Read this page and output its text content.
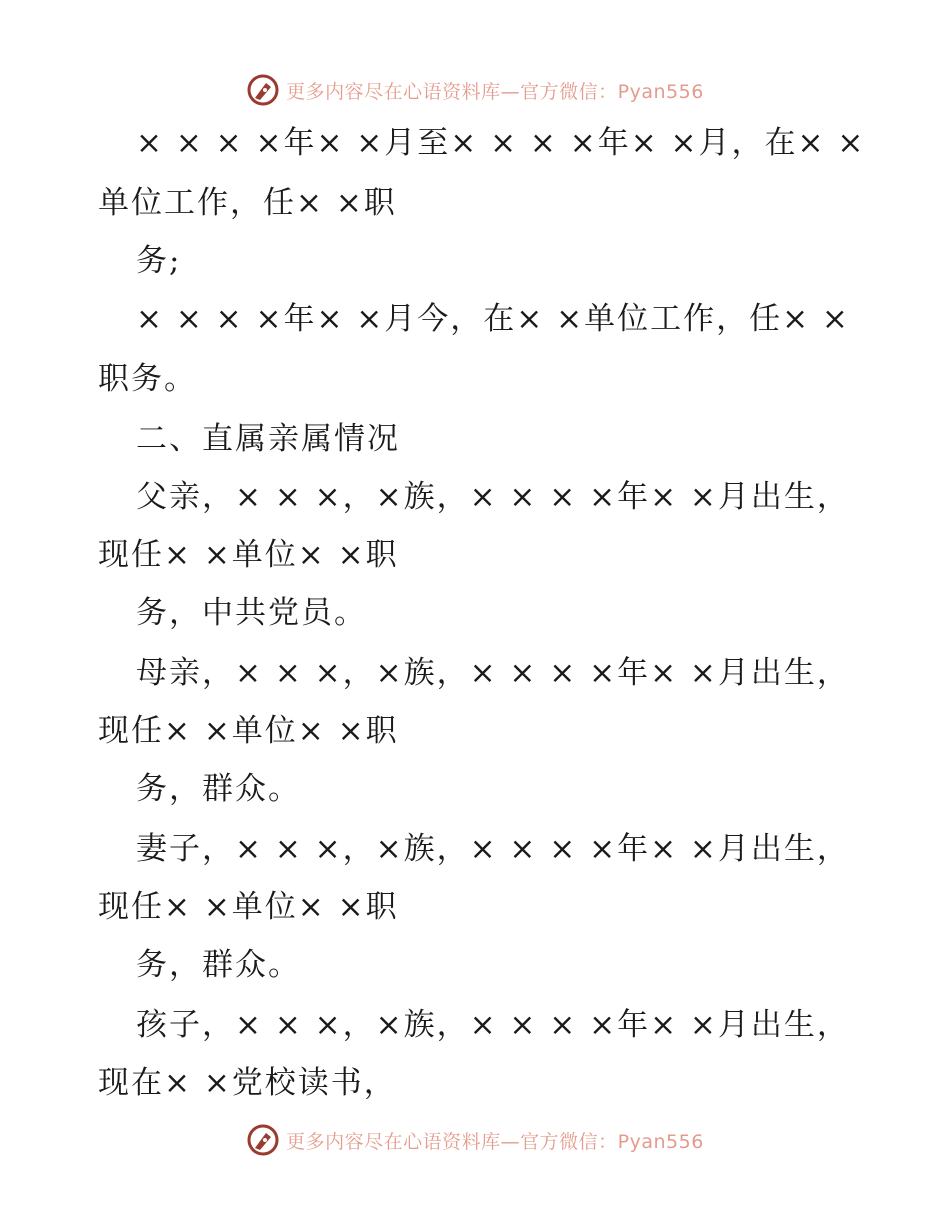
更多内容尽在心语资料库—官方微信：Pyan556
× × × ×年× ×月至× × × ×年× ×月，在× ×
单位工作，任× ×职
务;
× × × ×年× ×月今，在× ×单位工作，任× ×
职务。
二、直属亲属情况
父亲，× × ×，×族，× × × ×年× ×月出生，
现任× ×单位× ×职
务，中共党员。
母亲，× × ×，×族，× × × ×年× ×月出生，
现任× ×单位× ×职
务，群众。
妻子，× × ×，×族，× × × ×年× ×月出生，
现任× ×单位× ×职
务，群众。
孩子，× × ×，×族，× × × ×年× ×月出生，
现在× ×党校读书，
更多内容尽在心语资料库—官方微信：Pyan556
